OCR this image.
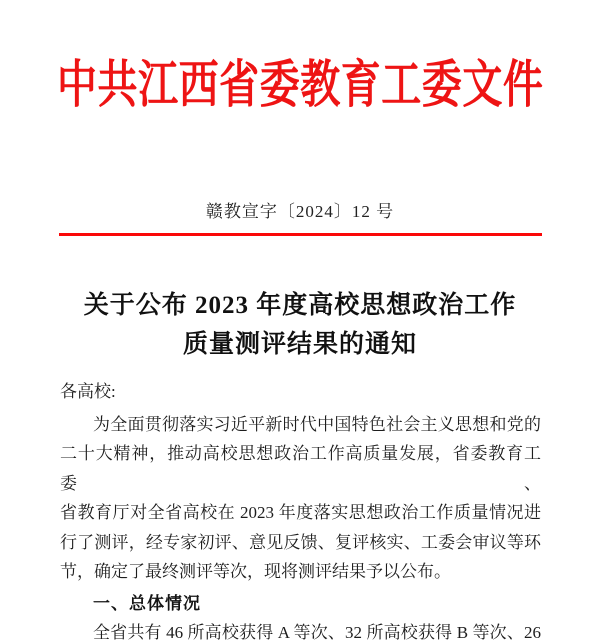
中 共 江 西 省 委 教 育 工 委 文 件
赣教宣字〔2024〕12 号
关于公布 2023 年度高校思想政治工作
质量测评结果的通知
各高校:
为全面贯彻落实习近平新时代中国特色社会主义思想和党的
二十大精神，推动高校思想政治工作高质量发展，省委教育工委、
省教育厅对全省高校在 2023 年度落实思想政治工作质量情况进
行了测评，经专家初评、意见反馈、复评核实、工委会审议等环
节，确定了最终测评等次，现将测评结果予以公布。
一、总体情况
全省共有 46 所高校获得 A 等次、32 所高校获得 B 等次、26
